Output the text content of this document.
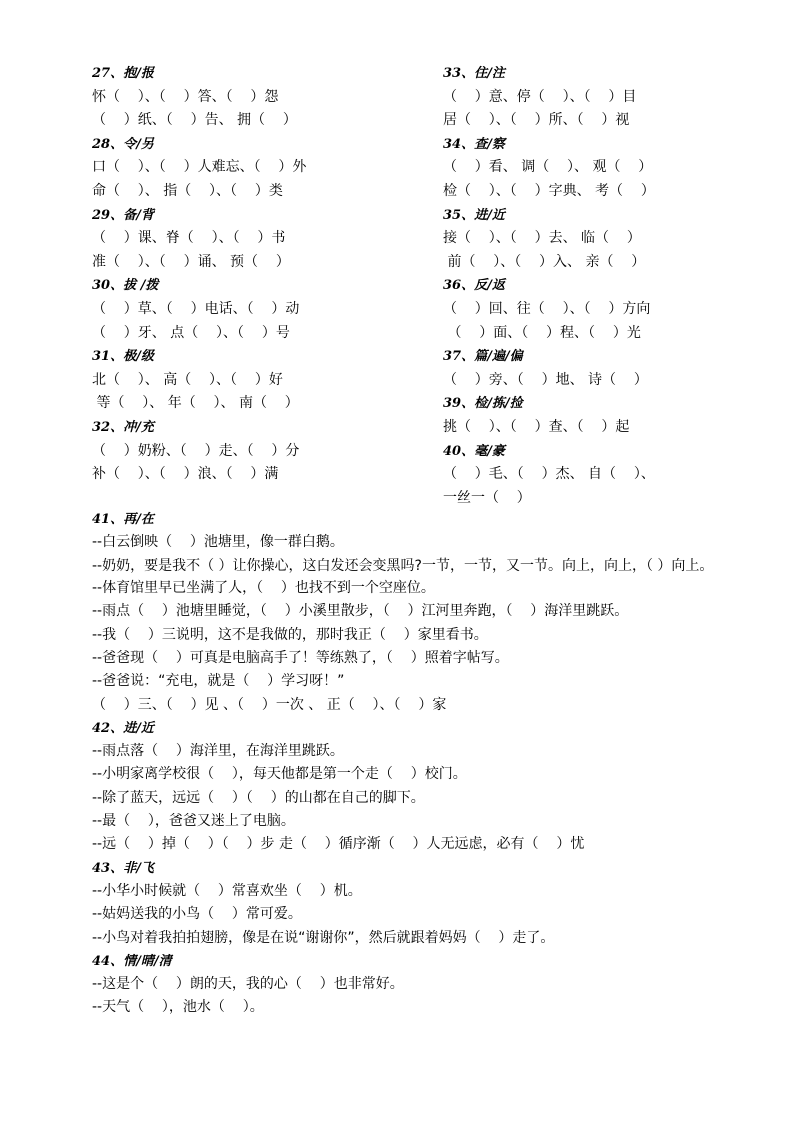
27、抱/报
怀（    ）、（    ）答、（    ）怨
（    ）纸、（    ）告、 拥（    ）
28、令/另
口（    ）、（    ）人难忘、（    ）外
命（    ）、 指（    ）、（    ）类
29、备/背
（    ）课、脊（    ）、（    ）书
准（    ）、（    ）诵、 预（    ）
30、拔 /拨
（    ）草、（    ）电话、（    ）动
（    ）牙、 点（    ）、（    ）号
31、极/级
北（    ）、 高（    ）、（    ）好
等（    ）、 年（    ）、 南（    ）
32、冲/充
（    ）奶粉、（    ）走、（    ）分
补（    ）、（    ）浪、（    ）满
33、住/注
（    ）意、停（    ）、（    ）目
居（    ）、（    ）所、（    ）视
34、查/察
（    ）看、 调（    ）、 观（    ）
检（    ）、（    ）字典、 考（    ）
35、进/近
接（    ）、（    ）去、 临（    ）
前（    ）、（    ）入、 亲（    ）
36、反/返
（    ）回、往（    ）、（    ）方向
（    ）面、（    ）程、（    ）光
37、篇/遍/偏
（    ）旁、（    ）地、 诗（    ）
39、检/拣/捡
挑（    ）、（    ）查、（    ）起
40、毫/豪
（    ）毛、（    ）杰、 自（    ）、
一丝一（    ）
41、再/在
--白云倒映（    ）池塘里，像一群白鹅。
--奶奶，要是我不（ ）让你操心，这白发还会变黑吗?一节，一节，又一节。向上，向上，（ ）向上。
--体育馆里早已坐满了人，（    ）也找不到一个空座位。
--雨点（    ）池塘里睡觉，（    ）小溪里散步，（    ）江河里奔跑，（    ）海洋里跳跃。
--我（    ）三说明，这不是我做的，那时我正（    ）家里看书。
--爸爸现（    ）可真是电脑高手了！等练熟了，（    ）照着字帖写。
--爸爸说：“充电，就是（    ）学习呀！”
（    ）三、（    ）见 、（    ）一次 、 正（    ）、（    ）家
42、进/近
--雨点落（    ）海洋里，在海洋里跳跃。
--小明家离学校很（    ），每天他都是第一个走（    ）校门。
--除了蓝天，远远（    ）（    ）的山都在自己的脚下。
--最（    ），爸爸又迷上了电脑。
--远（    ）掉（    ）（    ）步 走（    ）循序渐（    ）人无远虑，必有（    ）忧
43、非/飞
--小华小时候就（    ）常喜欢坐（    ）机。
--姑妈送我的小鸟（    ）常可爱。
--小鸟对着我拍拍翅膀，像是在说“谢谢你”，然后就跟着妈妈（    ）走了。
44、情/晴/清
--这是个（    ）朗的天，我的心（    ）也非常好。
--天气（    ），池水（    ）。
